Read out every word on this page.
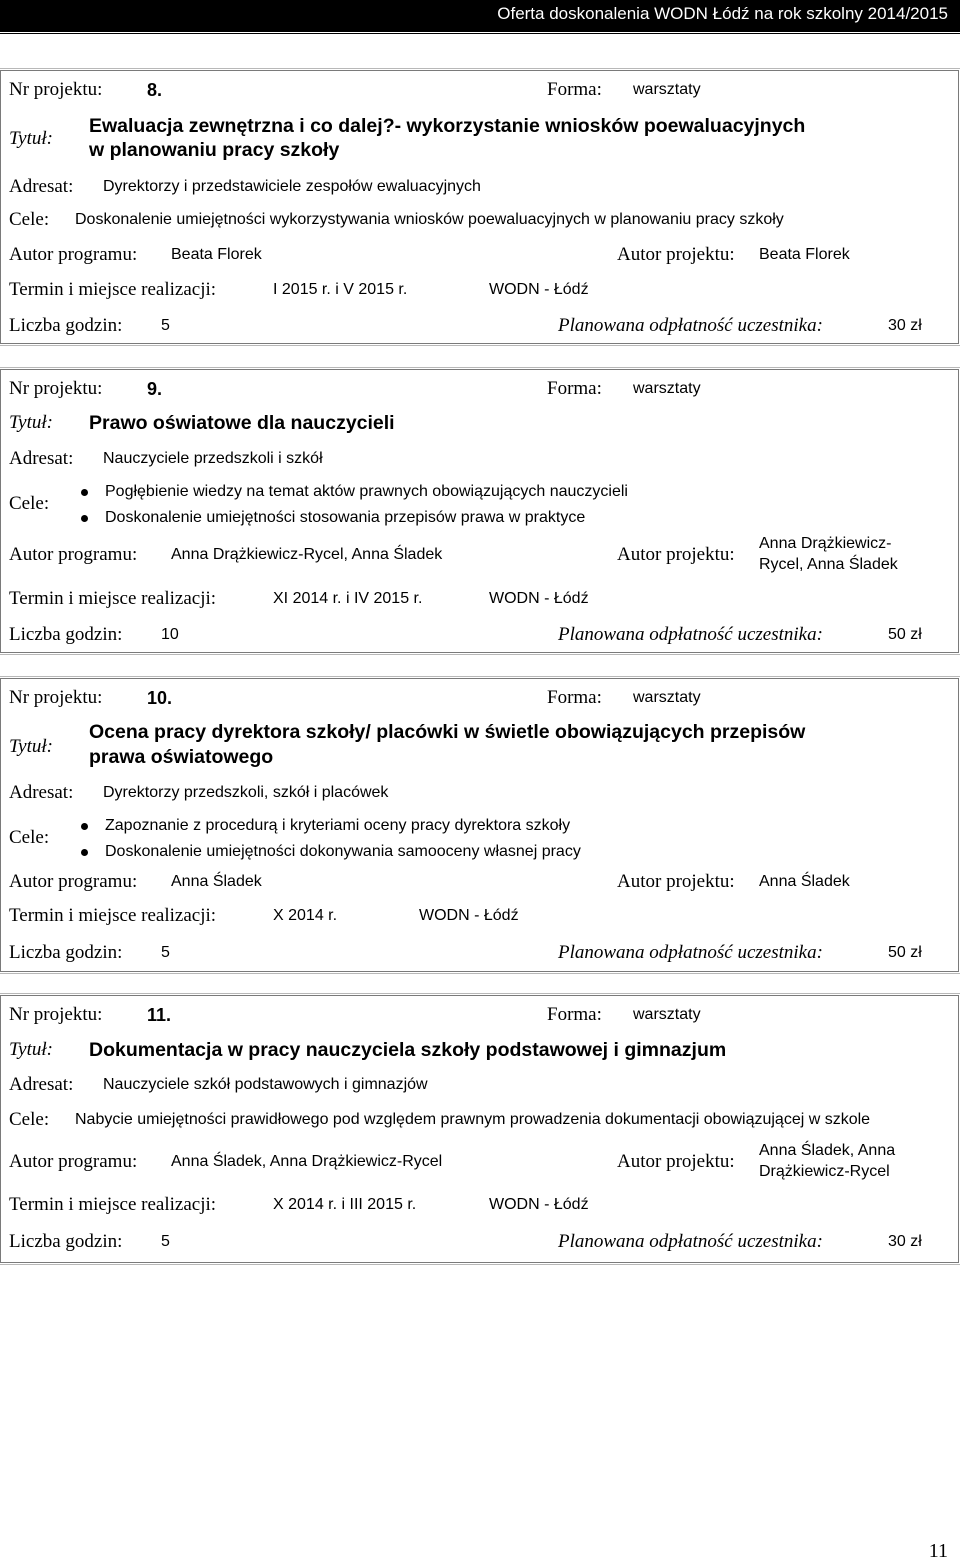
Oferta doskonalenia WODN Łódź na rok szkolny 2014/2015
Nr projektu: 8.	Forma: warsztaty
Tytuł:
Ewaluacja zewnętrzna i co dalej?- wykorzystanie wniosków poewaluacyjnych
w planowaniu pracy szkoły
Adresat: Dyrektorzy i przedstawiciele zespołów ewaluacyjnych
Cele: Doskonalenie umiejętności wykorzystywania wniosków poewaluacyjnych w planowaniu pracy szkoły
Autor programu: Beata Florek	Autor projektu: Beata Florek
Termin i miejsce realizacji:	I 2015 r. i V 2015 r.	WODN - Łódź
Liczba godzin: 5	Planowana odpłatność uczestnika:	30 zł
Nr projektu: 9.	Forma: warsztaty
Tytuł: Prawo oświatowe dla nauczycieli
Adresat: Nauczyciele przedszkoli i szkół
Cele:
Pogłębienie wiedzy na temat aktów prawnych obowiązujących nauczycieli
Doskonalenie umiejętności stosowania przepisów prawa w praktyce
Autor programu: Anna Drążkiewicz-Rycel, Anna Śladek	Autor projektu:
Anna Drążkiewicz-
Rycel, Anna Śladek
Termin i miejsce realizacji:	XI 2014 r. i IV 2015 r.	WODN - Łódź
Liczba godzin: 10	Planowana odpłatność uczestnika:	50 zł
Nr projektu: 10.	Forma: warsztaty
Tytuł:
Ocena pracy dyrektora szkoły/ placówki w świetle obowiązujących przepisów
prawa oświatowego
Adresat: Dyrektorzy przedszkoli, szkół i placówek
Cele:
Zapoznanie z procedurą i kryteriami oceny pracy dyrektora szkoły
Doskonalenie umiejętności dokonywania samooceny własnej pracy
Autor programu: Anna Śladek	Autor projektu: Anna Śladek
Termin i miejsce realizacji:	X 2014 r.	WODN - Łódź
Liczba godzin: 5	Planowana odpłatność uczestnika:	50 zł
Nr projektu: 11.	Forma: warsztaty
Tytuł: Dokumentacja w pracy nauczyciela szkoły podstawowej i gimnazjum
Adresat: Nauczyciele szkół podstawowych i gimnazjów
Cele: Nabycie umiejętności prawidłowego pod względem prawnym prowadzenia dokumentacji obowiązującej w szkole
Autor programu: Anna Śladek, Anna Drążkiewicz-Rycel	Autor projektu:
Anna Śladek, Anna
Drążkiewicz-Rycel
Termin i miejsce realizacji:	X 2014 r. i III 2015 r.	WODN - Łódź
Liczba godzin: 5	Planowana odpłatność uczestnika:	30 zł
11
